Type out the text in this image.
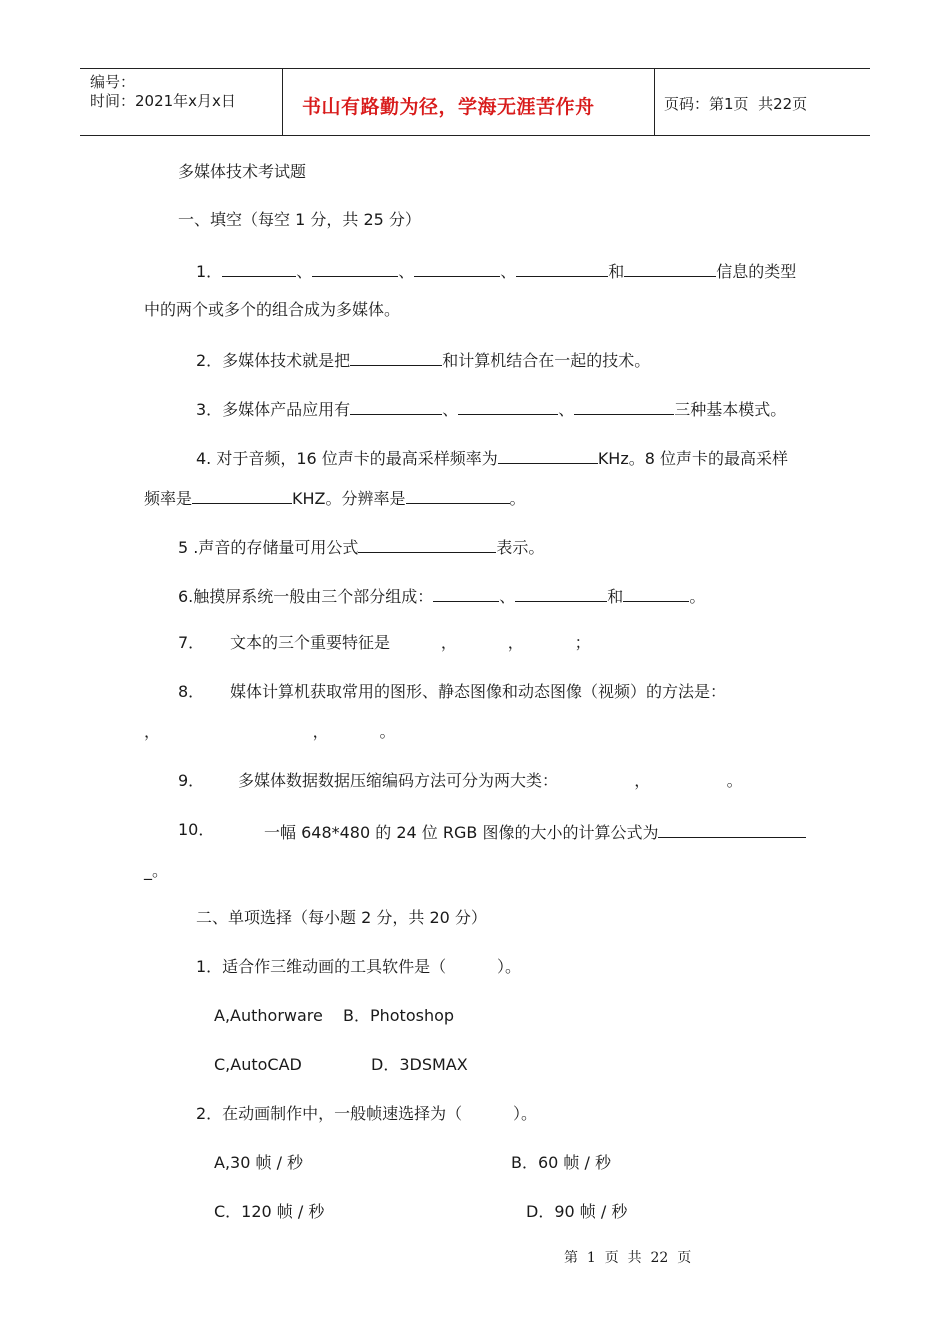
编号：
时间：2021年x月x日	书山有路勤为径，学海无涯苦作舟	页码：第1页  共22页
多媒体技术考试题
一、填空（每空 1 分，共 25 分）
1．	、	、	、	和	信息的类型
中的两个或多个的组合成为多媒体。
2．多媒体技术就是把	和计算机结合在一起的技术。
3．多媒体产品应用有	、	、	三种基本模式。
4. 对于音频，16 位声卡的最高采样频率为	KHz。8 位声卡的最高采样
频率是	KHZ。分辨率是	。
5 .声音的存储量可用公式	表示。
6.触摸屏系统一般由三个部分组成：	、	和	。
7． 文本的三个重要特征是          ，          ，          ；
8． 媒体计算机获取常用的图形、静态图像和动态图像（视频）的方法是：
，                              ，          。
9． 多媒体数据数据压缩编码方法可分为两大类：               ，               。
10．	一幅 648*480 的 24 位 RGB 图像的大小的计算公式为
_。
二、单项选择（每小题 2 分，共 20 分）
1．适合作三维动画的工具软件是（          ）。
A,Authorware B．Photoshop
C,AutoCAD	D．3DSMAX
2．在动画制作中，一般帧速选择为（          ）。
A,30 帧 / 秒	B．60 帧 / 秒
C．120 帧 / 秒	D．90 帧 / 秒
第  1  页  共  22  页
